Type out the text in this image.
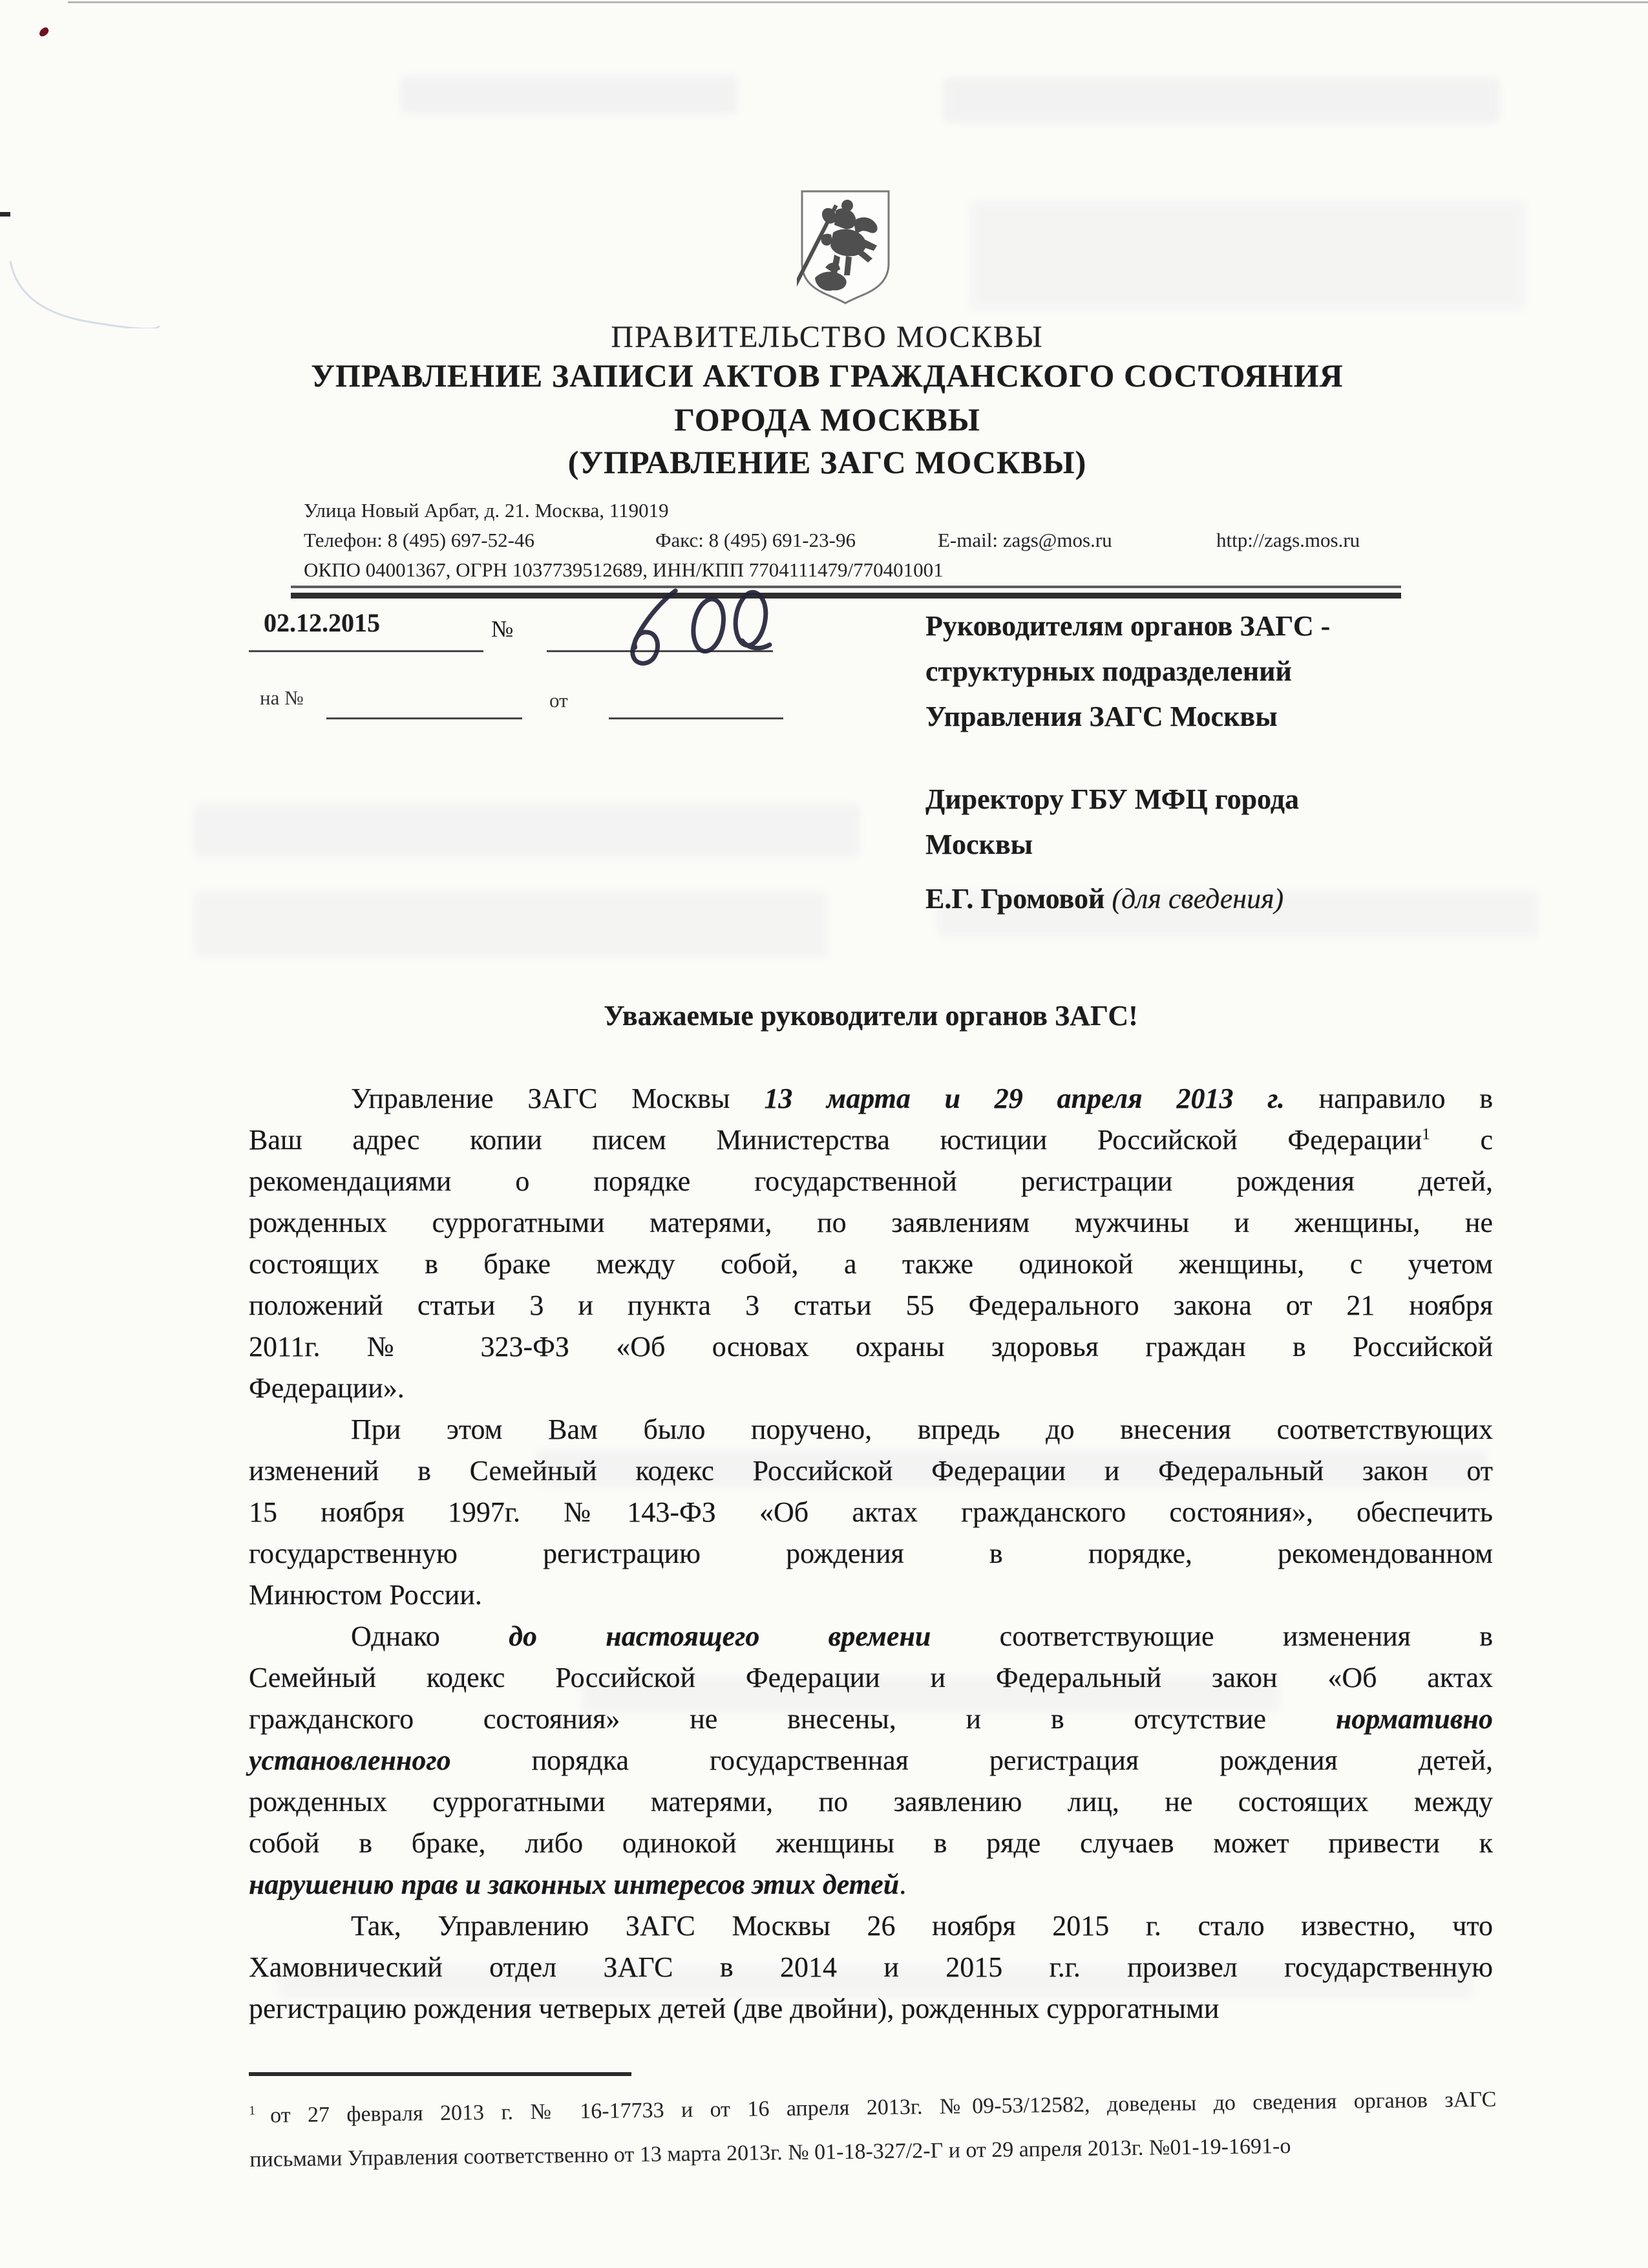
ПРАВИТЕЛЬСТВО МОСКВЫ
УПРАВЛЕНИЕ ЗАПИСИ АКТОВ ГРАЖДАНСКОГО СОСТОЯНИЯ
ГОРОДА МОСКВЫ
(УПРАВЛЕНИЕ ЗАГС МОСКВЫ)
Улица Новый Арбат, д. 21. Москва, 119019
Телефон: 8 (495) 697-52-46	Факс: 8 (495) 691-23-96	E-mail: zags@mos.ru	http://zags.mos.ru
ОКПО 04001367, ОГРН 1037739512689, ИНН/КПП 7704111479/770401001
02.12.2015	№
на №	от
Руководителям органов ЗАГС -
структурных подразделений
Управления ЗАГС Москвы
Директору ГБУ МФЦ города
Москвы
Е.Г. Громовой (для сведения)
Уважаемые руководители органов ЗАГС!
Управление ЗАГС Москвы 13 марта и 29 апреля 2013 г. направило в
Ваш адрес копии писем Министерства юстиции Российской Федерации$^1$ с
рекомендациями о порядке государственной регистрации рождения детей,
рожденных суррогатными матерями, по заявлениям мужчины и женщины, не
состоящих в браке между собой, а также одинокой женщины, с учетом
положений статьи 3 и пункта 3 статьи 55 Федерального закона от 21 ноября
2011г. № 323-ФЗ «Об основах охраны здоровья граждан в Российской
Федерации».
При этом Вам было поручено, впредь до внесения соответствующих
изменений в Семейный кодекс Российской Федерации и Федеральный закон от
15 ноября 1997г. №143-ФЗ «Об актах гражданского состояния», обеспечить
государственную регистрацию рождения в порядке, рекомендованном
Минюстом России.
Однако до настоящего времени соответствующие изменения в
Семейный кодекс Российской Федерации и Федеральный закон «Об актах
гражданского состояния» не внесены, и в отсутствие нормативно
установленного порядка государственная регистрация рождения детей,
рожденных суррогатными матерями, по заявлению лиц, не состоящих между
собой в браке, либо одинокой женщины в ряде случаев может привести к
нарушению прав и законных интересов этих детей.
Так, Управлению ЗАГС Москвы 26 ноября 2015 г. стало известно, что
Хамовнический отдел ЗАГС в 2014 и 2015 г.г. произвел государственную
регистрацию рождения четверых детей (две двойни), рожденных суррогатными
$^1$ от 27 февраля 2013 г. № 16-17733 и от 16 апреля 2013г. №09-53/12582, доведены до сведения органов зАГС
письмами Управления соответственно от 13 марта 2013г. № 01-18-327/2-Г и от 29 апреля 2013г. №01-19-1691-о
